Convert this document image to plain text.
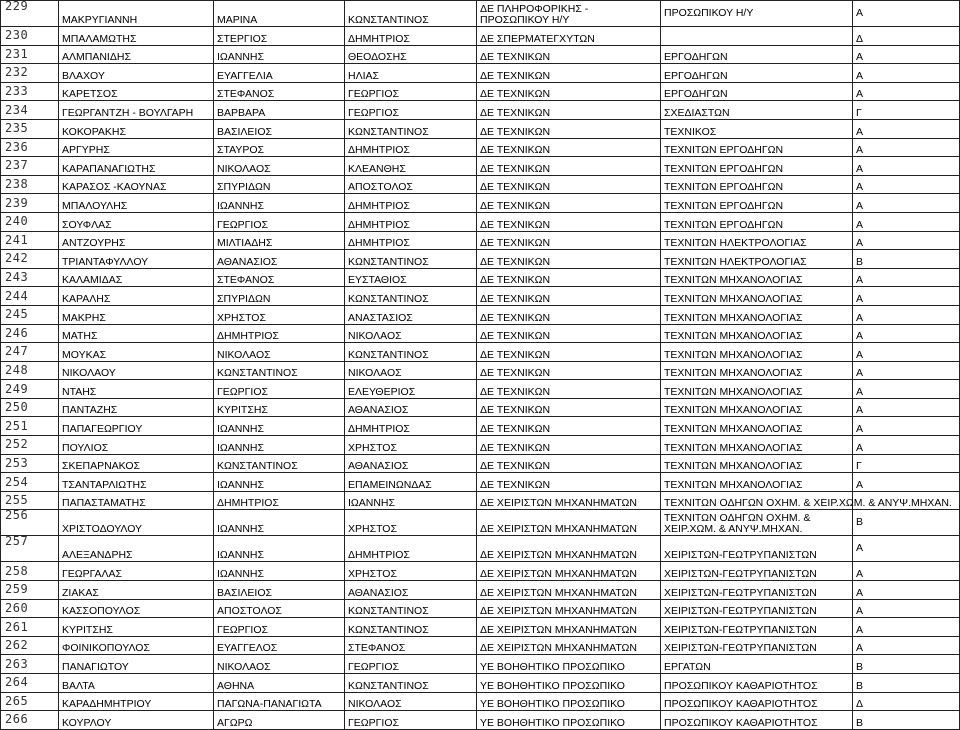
229	ΜΑΚΡΥΓΙΑΝΝΗ	ΜΑΡΙΝΑ	ΚΩΝΣΤΑΝΤΙΝΟΣ	ΔΕ ΠΛΗΡΟΦΟΡΙΚΗΣ - ΠΡΟΣΩΠΙΚΟΥ Η/Υ	ΠΡΟΣΩΠΙΚΟΥ Η/Υ	Α
230	ΜΠΑΛΑΜΩΤΗΣ	ΣΤΕΡΓΙΟΣ	ΔΗΜΗΤΡΙΟΣ	ΔΕ ΣΠΕΡΜΑΤΕΓΧΥΤΩΝ		Δ
231	ΑΛΜΠΑΝΙΔΗΣ	ΙΩΑΝΝΗΣ	ΘΕΟΔΟΣΗΣ	ΔΕ ΤΕΧΝΙΚΩΝ	ΕΡΓΟΔΗΓΩΝ	Α
232	ΒΛΑΧΟΥ	ΕΥΑΓΓΕΛΙΑ	ΗΛΙΑΣ	ΔΕ ΤΕΧΝΙΚΩΝ	ΕΡΓΟΔΗΓΩΝ	Α
233	ΚΑΡΕΤΣΟΣ	ΣΤΕΦΑΝΟΣ	ΓΕΩΡΓΙΟΣ	ΔΕ ΤΕΧΝΙΚΩΝ	ΕΡΓΟΔΗΓΩΝ	Α
234	ΓΕΩΡΓΑΝΤΖΗ - ΒΟΥΛΓΑΡΗ	ΒΑΡΒΑΡΑ	ΓΕΩΡΓΙΟΣ	ΔΕ ΤΕΧΝΙΚΩΝ	ΣΧΕΔΙΑΣΤΩΝ	Γ
235	ΚΟΚΟΡΑΚΗΣ	ΒΑΣΙΛΕΙΟΣ	ΚΩΝΣΤΑΝΤΙΝΟΣ	ΔΕ ΤΕΧΝΙΚΩΝ	ΤΕΧΝΙΚΟΣ	Α
236	ΑΡΓΥΡΗΣ	ΣΤΑΥΡΟΣ	ΔΗΜΗΤΡΙΟΣ	ΔΕ ΤΕΧΝΙΚΩΝ	ΤΕΧΝΙΤΩΝ ΕΡΓΟΔΗΓΩΝ	Α
237	ΚΑΡΑΠΑΝΑΓΙΩΤΗΣ	ΝΙΚΟΛΑΟΣ	ΚΛΕΑΝΘΗΣ	ΔΕ ΤΕΧΝΙΚΩΝ	ΤΕΧΝΙΤΩΝ ΕΡΓΟΔΗΓΩΝ	Α
238	ΚΑΡΑΣΟΣ -ΚΑΟΥΝΑΣ	ΣΠΥΡΙΔΩΝ	ΑΠΟΣΤΟΛΟΣ	ΔΕ ΤΕΧΝΙΚΩΝ	ΤΕΧΝΙΤΩΝ ΕΡΓΟΔΗΓΩΝ	Α
239	ΜΠΑΛΟΥΛΗΣ	ΙΩΑΝΝΗΣ	ΔΗΜΗΤΡΙΟΣ	ΔΕ ΤΕΧΝΙΚΩΝ	ΤΕΧΝΙΤΩΝ ΕΡΓΟΔΗΓΩΝ	Α
240	ΣΟΥΦΛΑΣ	ΓΕΩΡΓΙΟΣ	ΔΗΜΗΤΡΙΟΣ	ΔΕ ΤΕΧΝΙΚΩΝ	ΤΕΧΝΙΤΩΝ ΕΡΓΟΔΗΓΩΝ	Α
241	ΑΝΤΖΟΥΡΗΣ	ΜΙΛΤΙΑΔΗΣ	ΔΗΜΗΤΡΙΟΣ	ΔΕ ΤΕΧΝΙΚΩΝ	ΤΕΧΝΙΤΩΝ ΗΛΕΚΤΡΟΛΟΓΙΑΣ	Α
242	ΤΡΙΑΝΤΑΦΥΛΛΟΥ	ΑΘΑΝΑΣΙΟΣ	ΚΩΝΣΤΑΝΤΙΝΟΣ	ΔΕ ΤΕΧΝΙΚΩΝ	ΤΕΧΝΙΤΩΝ ΗΛΕΚΤΡΟΛΟΓΙΑΣ	Β
243	ΚΑΛΑΜΙΔΑΣ	ΣΤΕΦΑΝΟΣ	ΕΥΣΤΑΘΙΟΣ	ΔΕ ΤΕΧΝΙΚΩΝ	ΤΕΧΝΙΤΩΝ ΜΗΧΑΝΟΛΟΓΙΑΣ	Α
244	ΚΑΡΑΛΗΣ	ΣΠΥΡΙΔΩΝ	ΚΩΝΣΤΑΝΤΙΝΟΣ	ΔΕ ΤΕΧΝΙΚΩΝ	ΤΕΧΝΙΤΩΝ ΜΗΧΑΝΟΛΟΓΙΑΣ	Α
245	ΜΑΚΡΗΣ	ΧΡΗΣΤΟΣ	ΑΝΑΣΤΑΣΙΟΣ	ΔΕ ΤΕΧΝΙΚΩΝ	ΤΕΧΝΙΤΩΝ ΜΗΧΑΝΟΛΟΓΙΑΣ	Α
246	ΜΑΤΗΣ	ΔΗΜΗΤΡΙΟΣ	ΝΙΚΟΛΑΟΣ	ΔΕ ΤΕΧΝΙΚΩΝ	ΤΕΧΝΙΤΩΝ ΜΗΧΑΝΟΛΟΓΙΑΣ	Α
247	ΜΟΥΚΑΣ	ΝΙΚΟΛΑΟΣ	ΚΩΝΣΤΑΝΤΙΝΟΣ	ΔΕ ΤΕΧΝΙΚΩΝ	ΤΕΧΝΙΤΩΝ ΜΗΧΑΝΟΛΟΓΙΑΣ	Α
248	ΝΙΚΟΛΑΟΥ	ΚΩΝΣΤΑΝΤΙΝΟΣ	ΝΙΚΟΛΑΟΣ	ΔΕ ΤΕΧΝΙΚΩΝ	ΤΕΧΝΙΤΩΝ ΜΗΧΑΝΟΛΟΓΙΑΣ	Α
249	ΝΤΑΗΣ	ΓΕΩΡΓΙΟΣ	ΕΛΕΥΘΕΡΙΟΣ	ΔΕ ΤΕΧΝΙΚΩΝ	ΤΕΧΝΙΤΩΝ ΜΗΧΑΝΟΛΟΓΙΑΣ	Α
250	ΠΑΝΤΑΖΗΣ	ΚΥΡΙΤΣΗΣ	ΑΘΑΝΑΣΙΟΣ	ΔΕ ΤΕΧΝΙΚΩΝ	ΤΕΧΝΙΤΩΝ ΜΗΧΑΝΟΛΟΓΙΑΣ	Α
251	ΠΑΠΑΓΕΩΡΓΙΟΥ	ΙΩΑΝΝΗΣ	ΔΗΜΗΤΡΙΟΣ	ΔΕ ΤΕΧΝΙΚΩΝ	ΤΕΧΝΙΤΩΝ ΜΗΧΑΝΟΛΟΓΙΑΣ	Α
252	ΠΟΥΛΙΟΣ	ΙΩΑΝΝΗΣ	ΧΡΗΣΤΟΣ	ΔΕ ΤΕΧΝΙΚΩΝ	ΤΕΧΝΙΤΩΝ ΜΗΧΑΝΟΛΟΓΙΑΣ	Α
253	ΣΚΕΠΑΡΝΑΚΟΣ	ΚΩΝΣΤΑΝΤΙΝΟΣ	ΑΘΑΝΑΣΙΟΣ	ΔΕ ΤΕΧΝΙΚΩΝ	ΤΕΧΝΙΤΩΝ ΜΗΧΑΝΟΛΟΓΙΑΣ	Γ
254	ΤΣΑΝΤΑΡΛΙΩΤΗΣ	ΙΩΑΝΝΗΣ	ΕΠΑΜΕΙΝΩΝΔΑΣ	ΔΕ ΤΕΧΝΙΚΩΝ	ΤΕΧΝΙΤΩΝ ΜΗΧΑΝΟΛΟΓΙΑΣ	Α
255	ΠΑΠΑΣΤΑΜΑΤΗΣ	ΔΗΜΗΤΡΙΟΣ	ΙΩΑΝΝΗΣ	ΔΕ ΧΕΙΡΙΣΤΩΝ ΜΗΧΑΝΗΜΑΤΩΝ	ΤΕΧΝΙΤΩΝ ΟΔΗΓΩΝ ΟΧΗΜ. & ΧΕΙΡ.ΧΩΜ. & ΑΝΥΨ.ΜΗΧΑΝ.	
256	ΧΡΙΣΤΟΔΟΥΛΟΥ	ΙΩΑΝΝΗΣ	ΧΡΗΣΤΟΣ	ΔΕ ΧΕΙΡΙΣΤΩΝ ΜΗΧΑΝΗΜΑΤΩΝ	ΤΕΧΝΙΤΩΝ ΟΔΗΓΩΝ ΟΧΗΜ. & ΧΕΙΡ.ΧΩΜ. & ΑΝΥΨ.ΜΗΧΑΝ.	Β
257	ΑΛΕΞΑΝΔΡΗΣ	ΙΩΑΝΝΗΣ	ΔΗΜΗΤΡΙΟΣ	ΔΕ ΧΕΙΡΙΣΤΩΝ ΜΗΧΑΝΗΜΑΤΩΝ	ΧΕΙΡΙΣΤΩΝ-ΓΕΩΤΡΥΠΑΝΙΣΤΩΝ	Α
258	ΓΕΩΡΓΑΛΑΣ	ΙΩΑΝΝΗΣ	ΧΡΗΣΤΟΣ	ΔΕ ΧΕΙΡΙΣΤΩΝ ΜΗΧΑΝΗΜΑΤΩΝ	ΧΕΙΡΙΣΤΩΝ-ΓΕΩΤΡΥΠΑΝΙΣΤΩΝ	Α
259	ΖΙΑΚΑΣ	ΒΑΣΙΛΕΙΟΣ	ΑΘΑΝΑΣΙΟΣ	ΔΕ ΧΕΙΡΙΣΤΩΝ ΜΗΧΑΝΗΜΑΤΩΝ	ΧΕΙΡΙΣΤΩΝ-ΓΕΩΤΡΥΠΑΝΙΣΤΩΝ	Α
260	ΚΑΣΣΟΠΟΥΛΟΣ	ΑΠΟΣΤΟΛΟΣ	ΚΩΝΣΤΑΝΤΙΝΟΣ	ΔΕ ΧΕΙΡΙΣΤΩΝ ΜΗΧΑΝΗΜΑΤΩΝ	ΧΕΙΡΙΣΤΩΝ-ΓΕΩΤΡΥΠΑΝΙΣΤΩΝ	Α
261	ΚΥΡΙΤΣΗΣ	ΓΕΩΡΓΙΟΣ	ΚΩΝΣΤΑΝΤΙΝΟΣ	ΔΕ ΧΕΙΡΙΣΤΩΝ ΜΗΧΑΝΗΜΑΤΩΝ	ΧΕΙΡΙΣΤΩΝ-ΓΕΩΤΡΥΠΑΝΙΣΤΩΝ	Α
262	ΦΟΙΝΙΚΟΠΟΥΛΟΣ	ΕΥΑΓΓΕΛΟΣ	ΣΤΕΦΑΝΟΣ	ΔΕ ΧΕΙΡΙΣΤΩΝ ΜΗΧΑΝΗΜΑΤΩΝ	ΧΕΙΡΙΣΤΩΝ-ΓΕΩΤΡΥΠΑΝΙΣΤΩΝ	Α
263	ΠΑΝΑΓΙΩΤΟΥ	ΝΙΚΟΛΑΟΣ	ΓΕΩΡΓΙΟΣ	ΥΕ ΒΟΗΘΗΤΙΚΟ ΠΡΟΣΩΠΙΚΟ	ΕΡΓΑΤΩΝ	Β
264	ΒΑΛΤΑ	ΑΘΗΝΑ	ΚΩΝΣΤΑΝΤΙΝΟΣ	ΥΕ ΒΟΗΘΗΤΙΚΟ ΠΡΟΣΩΠΙΚΟ	ΠΡΟΣΩΠΙΚΟΥ ΚΑΘΑΡΙΟΤΗΤΟΣ	Β
265	ΚΑΡΑΔΗΜΗΤΡΙΟΥ	ΠΑΓΩΝΑ-ΠΑΝΑΓΙΩΤΑ	ΝΙΚΟΛΑΟΣ	ΥΕ ΒΟΗΘΗΤΙΚΟ ΠΡΟΣΩΠΙΚΟ	ΠΡΟΣΩΠΙΚΟΥ ΚΑΘΑΡΙΟΤΗΤΟΣ	Δ
266	ΚΟΥΡΛΟΥ	ΑΓΩΡΩ	ΓΕΩΡΓΙΟΣ	ΥΕ ΒΟΗΘΗΤΙΚΟ ΠΡΟΣΩΠΙΚΟ	ΠΡΟΣΩΠΙΚΟΥ ΚΑΘΑΡΙΟΤΗΤΟΣ	Β
